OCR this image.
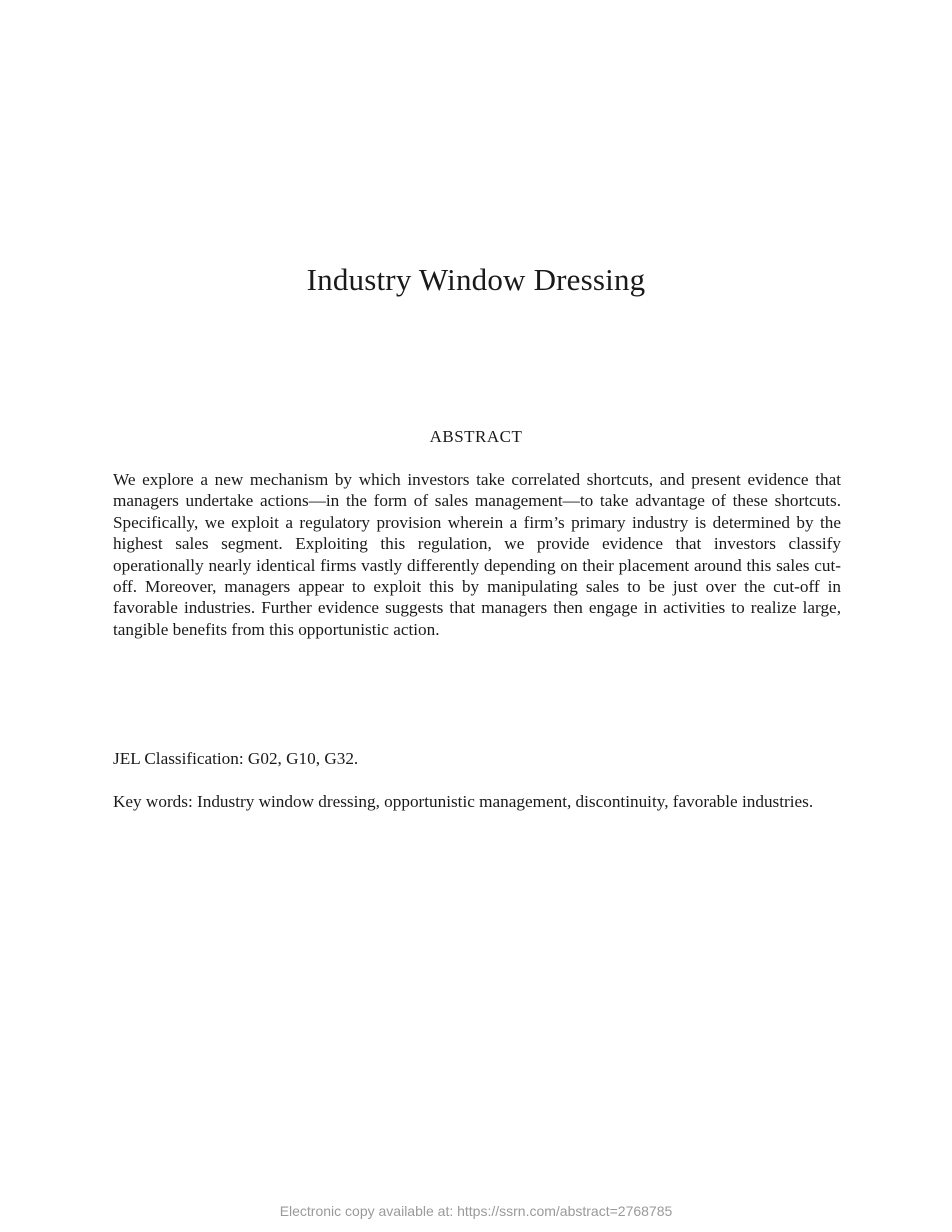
Industry Window Dressing
ABSTRACT

We explore a new mechanism by which investors take correlated shortcuts, and present evidence that managers undertake actions—in the form of sales management—to take advantage of these shortcuts. Specifically, we exploit a regulatory provision wherein a firm’s primary industry is determined by the highest sales segment. Exploiting this regulation, we provide evidence that investors classify operationally nearly identical firms vastly differently depending on their placement around this sales cut-off. Moreover, managers appear to exploit this by manipulating sales to be just over the cut-off in favorable industries. Further evidence suggests that managers then engage in activities to realize large, tangible benefits from this opportunistic action.

JEL Classification: G02, G10, G32.

Key words: Industry window dressing, opportunistic management, discontinuity, favorable industries.

Electronic copy available at: https://ssrn.com/abstract=2768785
